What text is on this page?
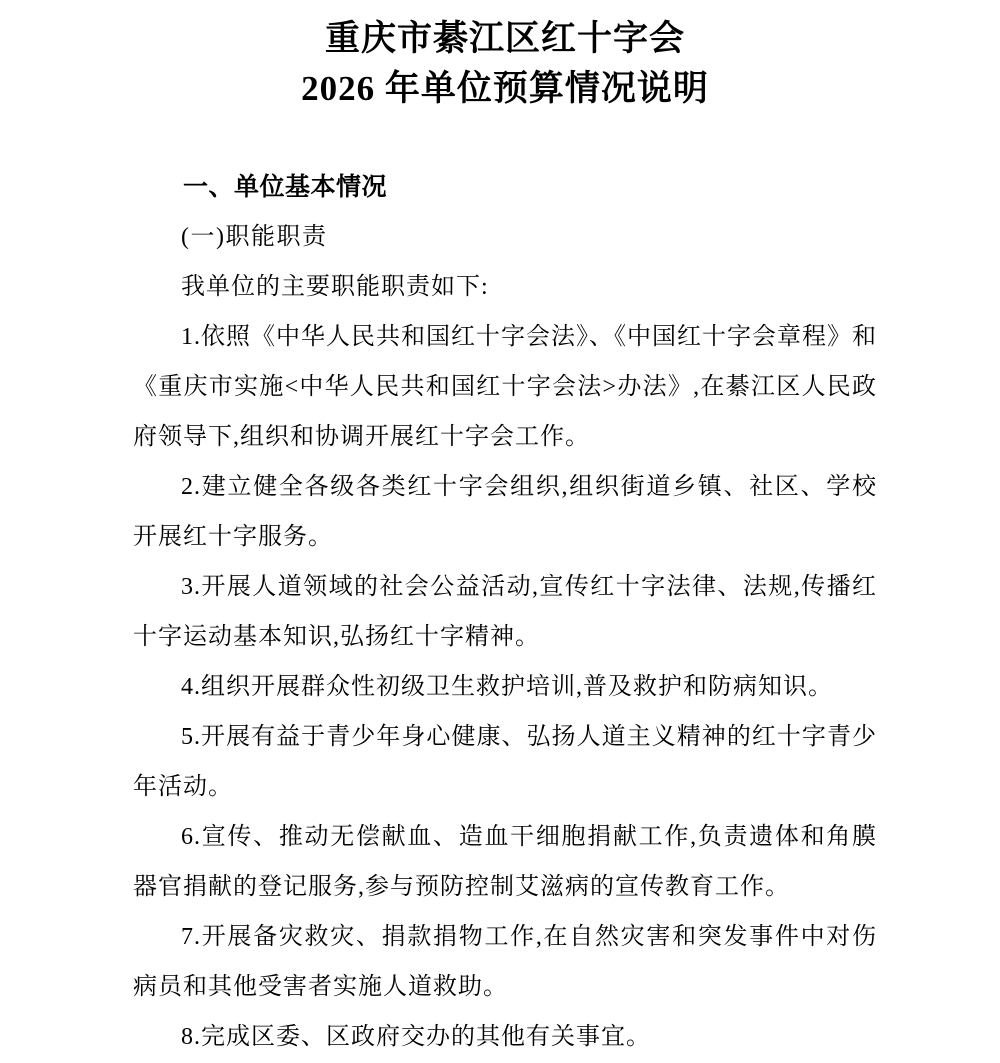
重庆市綦江区红十字会
2026 年单位预算情况说明
一、单位基本情况

(一)职能职责

我单位的主要职能职责如下:

1.依照《中华人民共和国红十字会法》、《中国红十字会章程》和《重庆市实施<中华人民共和国红十字会法>办法》,在綦江区人民政府领导下,组织和协调开展红十字会工作。

2.建立健全各级各类红十字会组织,组织街道乡镇、社区、学校开展红十字服务。

3.开展人道领域的社会公益活动,宣传红十字法律、法规,传播红十字运动基本知识,弘扬红十字精神。

4.组织开展群众性初级卫生救护培训,普及救护和防病知识。

5.开展有益于青少年身心健康、弘扬人道主义精神的红十字青少年活动。

6.宣传、推动无偿献血、造血干细胞捐献工作,负责遗体和角膜器官捐献的登记服务,参与预防控制艾滋病的宣传教育工作。

7.开展备灾救灾、捐款捐物工作,在自然灾害和突发事件中对伤病员和其他受害者实施人道救助。

8.完成区委、区政府交办的其他有关事宜。
